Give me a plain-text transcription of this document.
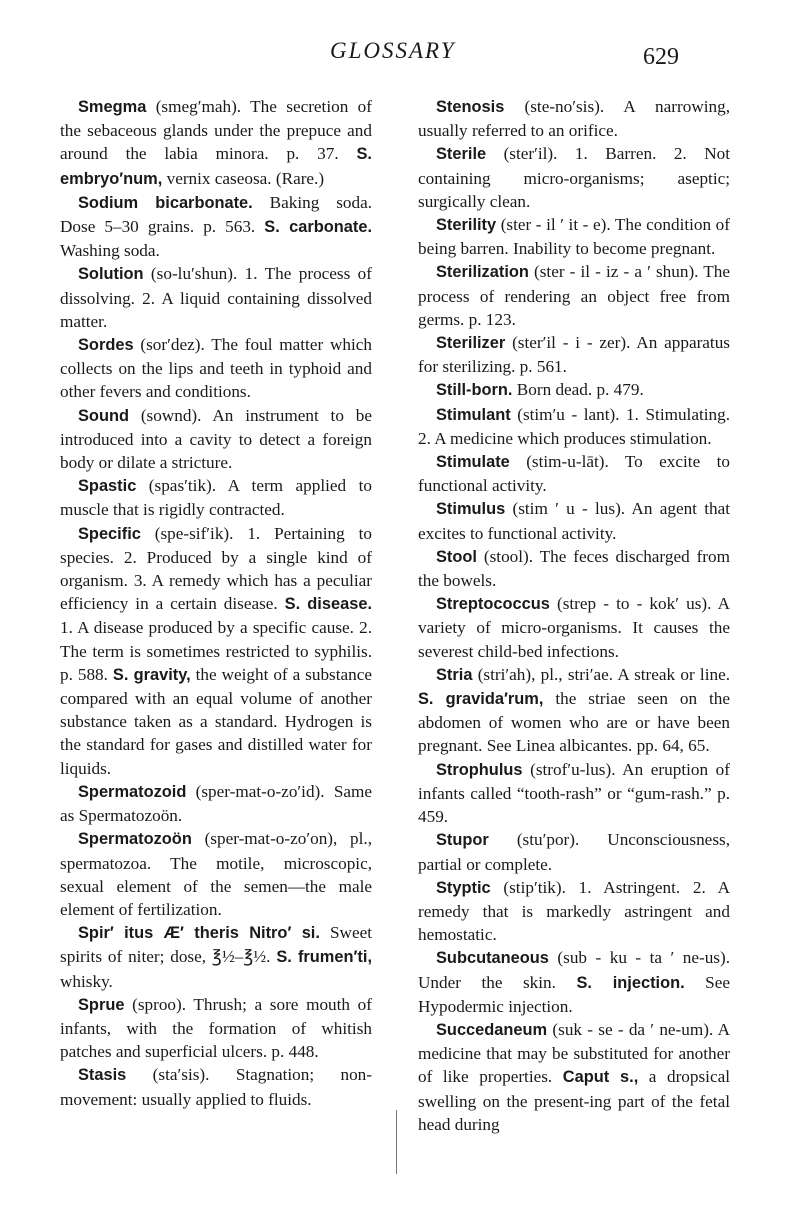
GLOSSARY	629

Smegma (smeg′mah). The secretion of the sebaceous glands under the prepuce and around the labia minora. p. 37. S. embryo′num, vernix caseosa. (Rare.)

Sodium bicarbonate. Baking soda. Dose 5–30 grains. p. 563. S. carbonate. Washing soda.

Solution (so-lu′shun). 1. The process of dissolving. 2. A liquid containing dissolved matter.

Sordes (sor′dez). The foul matter which collects on the lips and teeth in typhoid and other fevers and conditions.

Sound (sownd). An instrument to be introduced into a cavity to detect a foreign body or dilate a stricture.

Spastic (spas′tik). A term applied to muscle that is rigidly contracted.

Specific (spe-sif′ik). 1. Pertaining to species. 2. Produced by a single kind of organism. 3. A remedy which has a peculiar efficiency in a certain disease. S. disease. 1. A disease produced by a specific cause. 2. The term is sometimes restricted to syphilis. p. 588. S. gravity, the weight of a substance compared with an equal volume of another substance taken as a standard. Hydrogen is the standard for gases and distilled water for liquids.

Spermatozoid (sper-mat-o-zo′id). Same as Spermatozoön.

Spermatozoön (sper-mat-o-zo′on), pl., spermatozoa. The motile, microscopic, sexual element of the semen—the male element of fertilization.

Spir′ itus Æ′ theris Nitro′ si. Sweet spirits of niter; dose, ℥½–℥½. S. frumen′ti, whisky.

Sprue (sproo). Thrush; a sore mouth of infants, with the formation of whitish patches and superficial ulcers. p. 448.

Stasis (sta′sis). Stagnation; non-movement: usually applied to fluids.

Stenosis (ste-no′sis). A narrowing, usually referred to an orifice.

Sterile (ster′il). 1. Barren. 2. Not containing micro-organisms; aseptic; surgically clean.

Sterility (ster - il ′ it - e). The condition of being barren. Inability to become pregnant.

Sterilization (ster - il - iz - a ′ shun). The process of rendering an object free from germs. p. 123.

Sterilizer (ster′il - i - zer). An apparatus for sterilizing. p. 561.

Still-born. Born dead. p. 479.

Stimulant (stim′u - lant). 1. Stimulating. 2. A medicine which produces stimulation.

Stimulate (stim-u-lāt). To excite to functional activity.

Stimulus (stim ′ u - lus). An agent that excites to functional activity.

Stool (stool). The feces discharged from the bowels.

Streptococcus (strep - to - kok′ us). A variety of micro-organisms. It causes the severest child-bed infections.

Stria (stri′ah), pl., stri′ae. A streak or line. S. gravida′rum, the striae seen on the abdomen of women who are or have been pregnant. See Linea albicantes. pp. 64, 65.

Strophulus (strof′u-lus). An eruption of infants called “tooth-rash” or “gum-rash.” p. 459.

Stupor (stu′por). Unconsciousness, partial or complete.

Styptic (stip′tik). 1. Astringent. 2. A remedy that is markedly astringent and hemostatic.

Subcutaneous (sub - ku - ta ′ ne-us). Under the skin. S. injection. See Hypodermic injection.

Succedaneum (suk - se - da ′ ne-um). A medicine that may be substituted for another of like properties. Caput s., a dropsical swelling on the present-ing part of the fetal head during
